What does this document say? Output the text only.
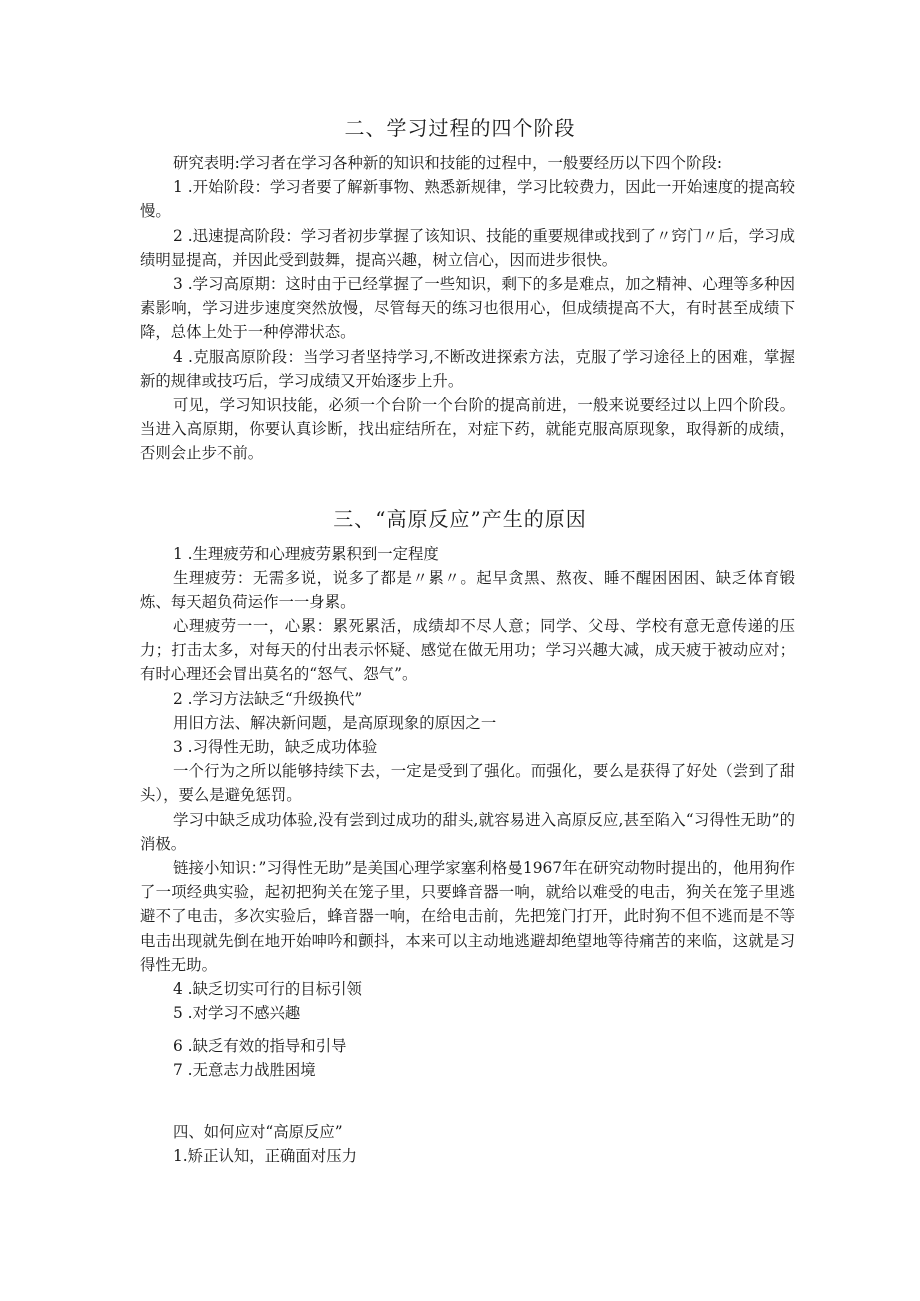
二、学习过程的四个阶段

研究表明:学习者在学习各种新的知识和技能的过程中，一般要经历以下四个阶段:

1 .开始阶段：学习者要了解新事物、熟悉新规律，学习比较费力，因此一开始速度的提高较慢。

2 .迅速提高阶段：学习者初步掌握了该知识、技能的重要规律或找到了〃窍门〃后，学习成绩明显提高，并因此受到鼓舞，提高兴趣，树立信心，因而进步很快。

3 .学习高原期：这时由于已经掌握了一些知识，剩下的多是难点，加之精神、心理等多种因素影响，学习进步速度突然放慢，尽管每天的练习也很用心，但成绩提高不大，有时甚至成绩下降，总体上处于一种停滞状态。

4 .克服高原阶段：当学习者坚持学习,不断改进探索方法，克服了学习途径上的困难，掌握新的规律或技巧后，学习成绩又开始逐步上升。

可见，学习知识技能，必须一个台阶一个台阶的提高前进，一般来说要经过以上四个阶段。当进入高原期，你要认真诊断，找出症结所在，对症下药，就能克服高原现象，取得新的成绩，否则会止步不前。

三、“高原反应”产生的原因

1 .生理疲劳和心理疲劳累积到一定程度

生理疲劳：无需多说，说多了都是〃累〃。起早贪黑、熬夜、睡不醒困困困、缺乏体育锻炼、每天超负荷运作一一身累。

心理疲劳一一，心累：累死累活，成绩却不尽人意；同学、父母、学校有意无意传递的压力；打击太多，对每天的付出表示怀疑、感觉在做无用功；学习兴趣大减，成天疲于被动应对；有时心理还会冒出莫名的“怒气、怨气”。

2 .学习方法缺乏“升级换代”

用旧方法、解决新问题，是高原现象的原因之一

3 .习得性无助，缺乏成功体验

一个行为之所以能够持续下去，一定是受到了强化。而强化，要么是获得了好处（尝到了甜头），要么是避免惩罚。

学习中缺乏成功体验,没有尝到过成功的甜头,就容易进入高原反应,甚至陷入“习得性无助”的消极。

链接小知识：”习得性无助”是美国心理学家塞利格曼1967年在研究动物时提出的，他用狗作了一项经典实验，起初把狗关在笼子里，只要蜂音器一响，就给以难受的电击，狗关在笼子里逃避不了电击，多次实验后，蜂音器一响，在给电击前，先把笼门打开，此时狗不但不逃而是不等电击出现就先倒在地开始呻吟和颤抖，本来可以主动地逃避却绝望地等待痛苦的来临，这就是习得性无助。

4 .缺乏切实可行的目标引领

5 .对学习不感兴趣

6 .缺乏有效的指导和引导

7 .无意志力战胜困境

四、如何应对“高原反应”

1.矫正认知，正确面对压力
